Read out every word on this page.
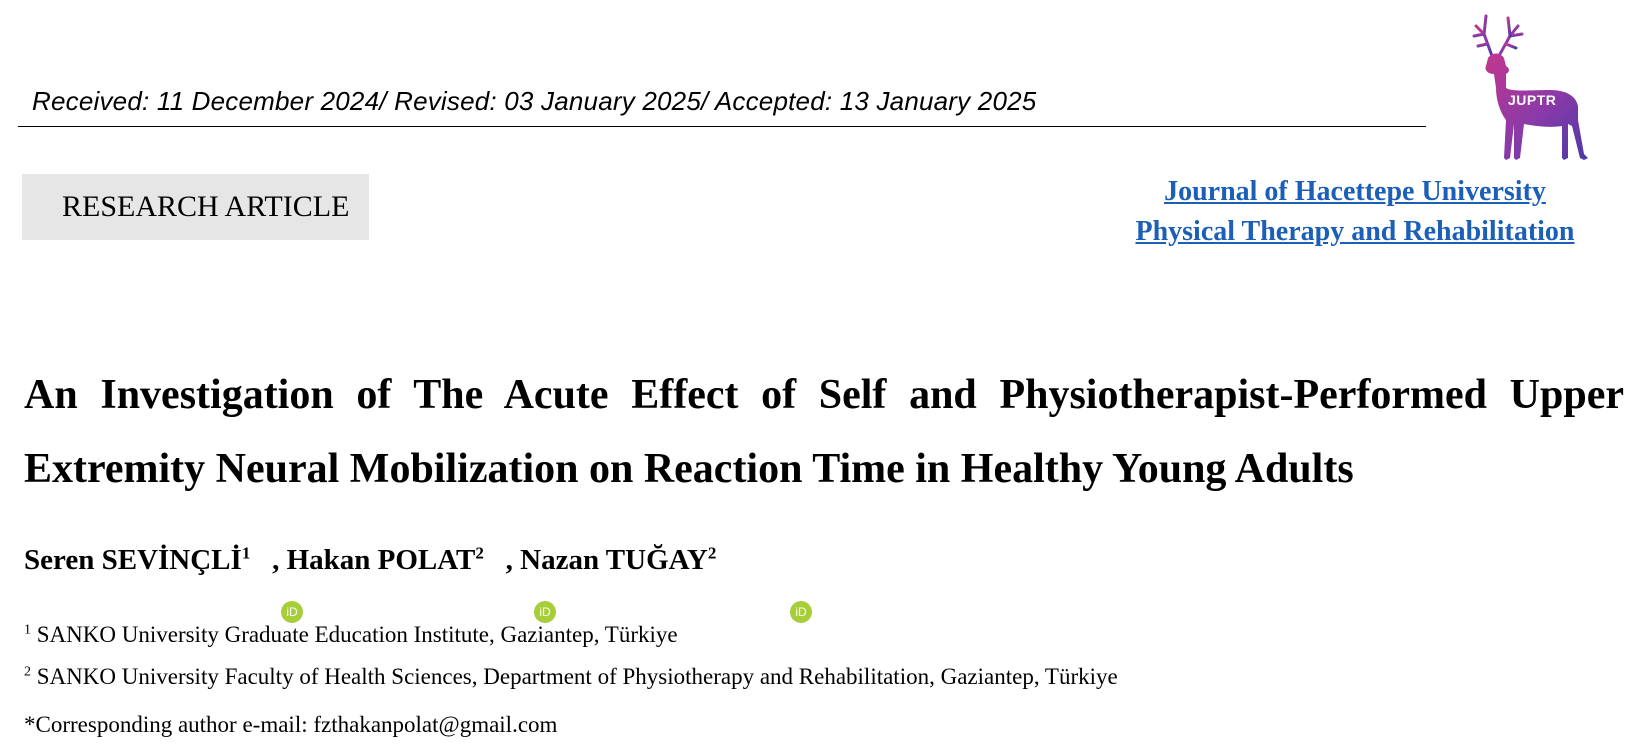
Received: 11 December 2024/ Revised: 03 January 2025/ Accepted: 13 January 2025
RESEARCH ARTICLE
JUPTR
Journal of Hacettepe University
Physical Therapy and Rehabilitation
An Investigation of The Acute Effect of Self and Physiotherapist-Performed Upper Extremity Neural Mobilization on Reaction Time in Healthy Young Adults
Seren SEVİNÇLİ$^1$ , Hakan POLAT$^2$ , Nazan TUĞAY$^2$
iD	iD	iD
$^1$ SANKO University Graduate Education Institute, Gaziantep, Türkiye
$^2$ SANKO University Faculty of Health Sciences, Department of Physiotherapy and Rehabilitation, Gaziantep, Türkiye
*Corresponding author e-mail: fzthakanpolat@gmail.com
